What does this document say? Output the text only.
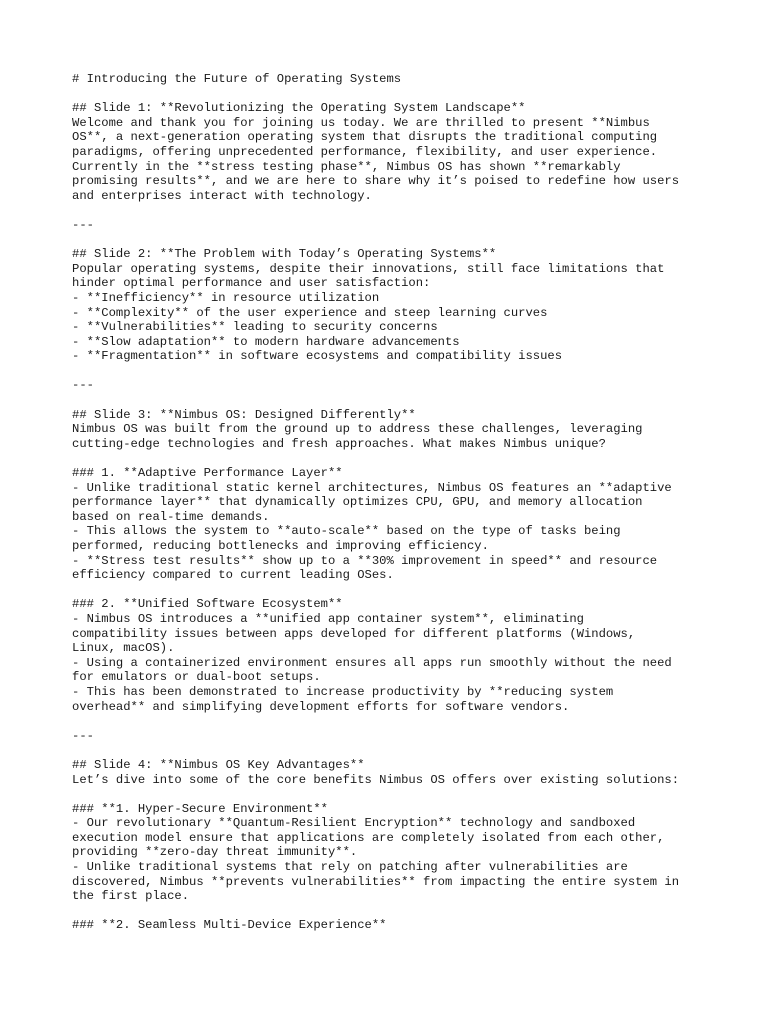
# Introducing the Future of Operating Systems
## Slide 1: **Revolutionizing the Operating System Landscape**
Welcome and thank you for joining us today. We are thrilled to present **Nimbus
OS**, a next-generation operating system that disrupts the traditional computing
paradigms, offering unprecedented performance, flexibility, and user experience.
Currently in the **stress testing phase**, Nimbus OS has shown **remarkably
promising results**, and we are here to share why it’s poised to redefine how users
and enterprises interact with technology.
---
## Slide 2: **The Problem with Today’s Operating Systems**
Popular operating systems, despite their innovations, still face limitations that
hinder optimal performance and user satisfaction:
- **Inefficiency** in resource utilization
- **Complexity** of the user experience and steep learning curves
- **Vulnerabilities** leading to security concerns
- **Slow adaptation** to modern hardware advancements
- **Fragmentation** in software ecosystems and compatibility issues
---
## Slide 3: **Nimbus OS: Designed Differently**
Nimbus OS was built from the ground up to address these challenges, leveraging
cutting-edge technologies and fresh approaches. What makes Nimbus unique?
### 1. **Adaptive Performance Layer**
- Unlike traditional static kernel architectures, Nimbus OS features an **adaptive
performance layer** that dynamically optimizes CPU, GPU, and memory allocation
based on real-time demands.
- This allows the system to **auto-scale** based on the type of tasks being
performed, reducing bottlenecks and improving efficiency.
- **Stress test results** show up to a **30% improvement in speed** and resource
efficiency compared to current leading OSes.
### 2. **Unified Software Ecosystem**
- Nimbus OS introduces a **unified app container system**, eliminating
compatibility issues between apps developed for different platforms (Windows,
Linux, macOS).
- Using a containerized environment ensures all apps run smoothly without the need
for emulators or dual-boot setups.
- This has been demonstrated to increase productivity by **reducing system
overhead** and simplifying development efforts for software vendors.
---
## Slide 4: **Nimbus OS Key Advantages**
Let’s dive into some of the core benefits Nimbus OS offers over existing solutions:
### **1. Hyper-Secure Environment**
- Our revolutionary **Quantum-Resilient Encryption** technology and sandboxed
execution model ensure that applications are completely isolated from each other,
providing **zero-day threat immunity**.
- Unlike traditional systems that rely on patching after vulnerabilities are
discovered, Nimbus **prevents vulnerabilities** from impacting the entire system in
the first place.
### **2. Seamless Multi-Device Experience**
